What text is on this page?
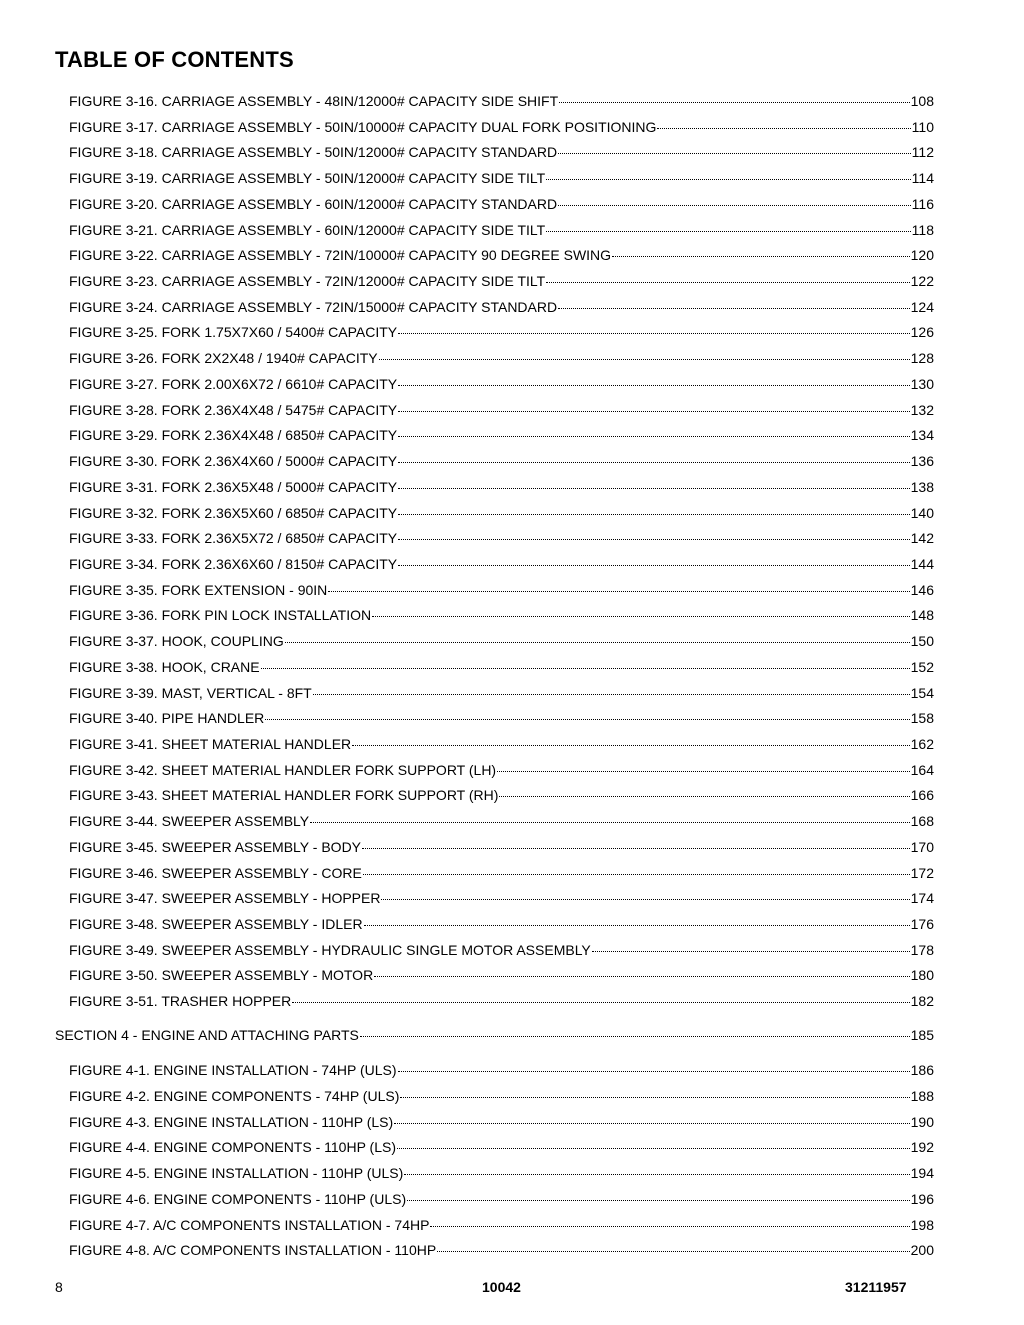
TABLE OF CONTENTS
FIGURE 3-16. CARRIAGE ASSEMBLY - 48IN/12000# CAPACITY SIDE SHIFT	108
FIGURE 3-17. CARRIAGE ASSEMBLY - 50IN/10000# CAPACITY DUAL FORK POSITIONING	110
FIGURE 3-18. CARRIAGE ASSEMBLY - 50IN/12000# CAPACITY STANDARD	112
FIGURE 3-19. CARRIAGE ASSEMBLY - 50IN/12000# CAPACITY SIDE TILT	114
FIGURE 3-20. CARRIAGE ASSEMBLY - 60IN/12000# CAPACITY STANDARD	116
FIGURE 3-21. CARRIAGE ASSEMBLY - 60IN/12000# CAPACITY SIDE TILT	118
FIGURE 3-22. CARRIAGE ASSEMBLY - 72IN/10000# CAPACITY 90 DEGREE SWING	120
FIGURE 3-23. CARRIAGE ASSEMBLY - 72IN/12000# CAPACITY SIDE TILT	122
FIGURE 3-24. CARRIAGE ASSEMBLY - 72IN/15000# CAPACITY STANDARD	124
FIGURE 3-25. FORK 1.75X7X60 / 5400# CAPACITY	126
FIGURE 3-26. FORK 2X2X48 / 1940# CAPACITY	128
FIGURE 3-27. FORK 2.00X6X72 / 6610# CAPACITY	130
FIGURE 3-28. FORK 2.36X4X48 / 5475# CAPACITY	132
FIGURE 3-29. FORK 2.36X4X48 / 6850# CAPACITY	134
FIGURE 3-30. FORK 2.36X4X60 / 5000# CAPACITY	136
FIGURE 3-31. FORK 2.36X5X48 / 5000# CAPACITY	138
FIGURE 3-32. FORK 2.36X5X60 / 6850# CAPACITY	140
FIGURE 3-33. FORK 2.36X5X72 / 6850# CAPACITY	142
FIGURE 3-34. FORK 2.36X6X60 / 8150# CAPACITY	144
FIGURE 3-35. FORK EXTENSION - 90IN	146
FIGURE 3-36. FORK PIN LOCK INSTALLATION	148
FIGURE 3-37. HOOK, COUPLING	150
FIGURE 3-38. HOOK, CRANE	152
FIGURE 3-39. MAST, VERTICAL - 8FT	154
FIGURE 3-40. PIPE HANDLER	158
FIGURE 3-41. SHEET MATERIAL HANDLER	162
FIGURE 3-42. SHEET MATERIAL HANDLER FORK SUPPORT (LH)	164
FIGURE 3-43. SHEET MATERIAL HANDLER FORK SUPPORT (RH)	166
FIGURE 3-44. SWEEPER ASSEMBLY	168
FIGURE 3-45. SWEEPER ASSEMBLY - BODY	170
FIGURE 3-46. SWEEPER ASSEMBLY - CORE	172
FIGURE 3-47. SWEEPER ASSEMBLY - HOPPER	174
FIGURE 3-48. SWEEPER ASSEMBLY - IDLER	176
FIGURE 3-49. SWEEPER ASSEMBLY - HYDRAULIC SINGLE MOTOR ASSEMBLY	178
FIGURE 3-50. SWEEPER ASSEMBLY - MOTOR	180
FIGURE 3-51. TRASHER HOPPER	182
SECTION 4 - ENGINE AND ATTACHING PARTS	185
FIGURE 4-1. ENGINE INSTALLATION - 74HP (ULS)	186
FIGURE 4-2. ENGINE COMPONENTS - 74HP (ULS)	188
FIGURE 4-3. ENGINE INSTALLATION - 110HP (LS)	190
FIGURE 4-4. ENGINE COMPONENTS - 110HP (LS)	192
FIGURE 4-5. ENGINE INSTALLATION - 110HP (ULS)	194
FIGURE 4-6. ENGINE COMPONENTS - 110HP (ULS)	196
FIGURE 4-7. A/C COMPONENTS INSTALLATION - 74HP	198
FIGURE 4-8. A/C COMPONENTS INSTALLATION - 110HP	200
8	10042	31211957
